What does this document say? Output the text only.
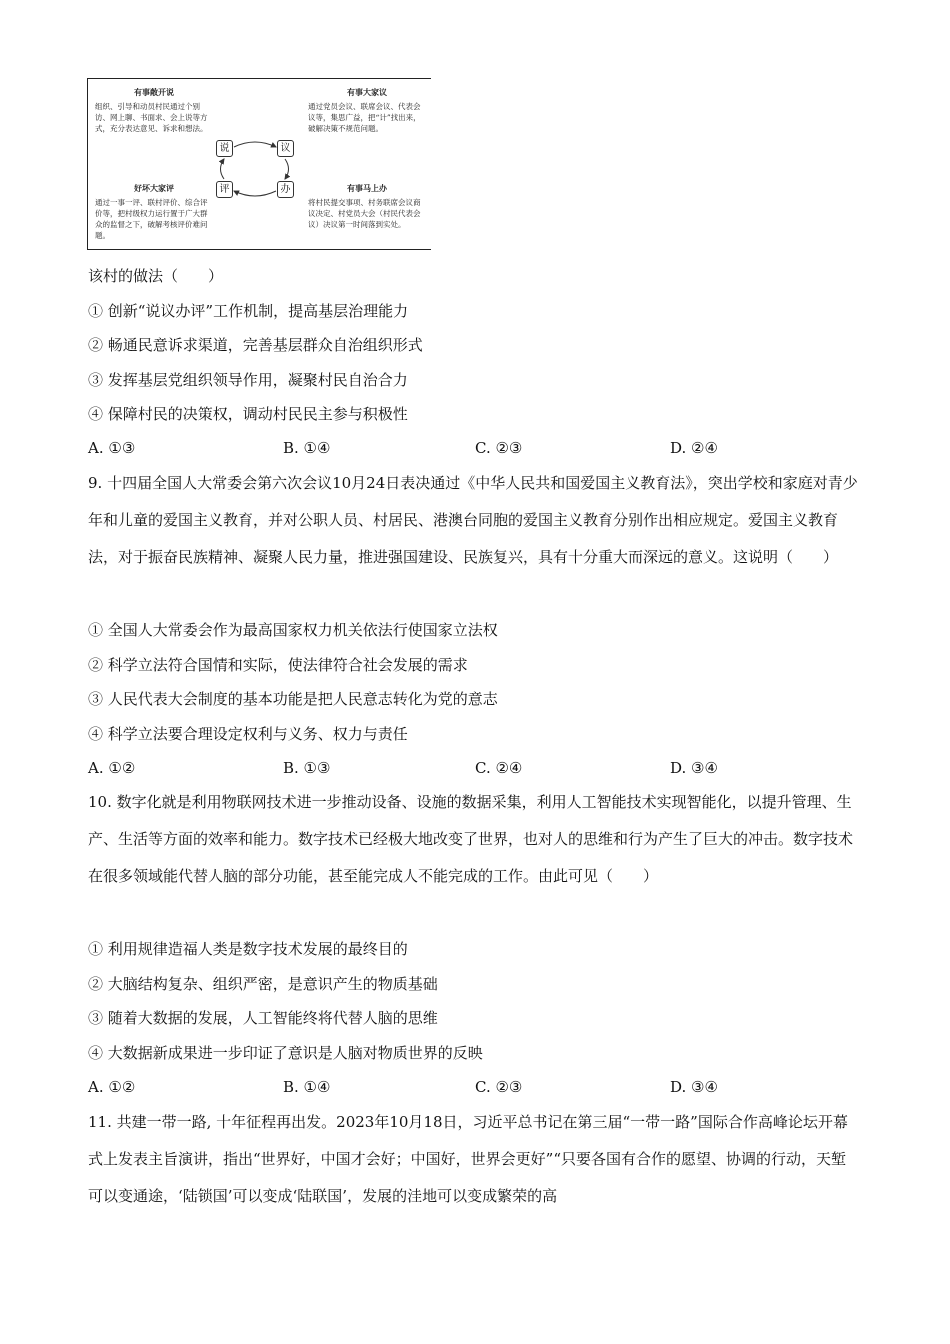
有事敞开说
组织、引导和动员村民通过个别访、网上聊、书面求、会上说等方式，充分表达意见、诉求和想法。
有事大家议
通过党员会议、联席会议、代表会议等，集思广益，把“计”找出来，破解决策不规范问题。
好坏大家评
通过一事一评、联村评价、综合评价等，把村级权力运行置于广大群众的监督之下，破解考核评价难问题。
有事马上办
将村民提交事项、村务联席会议商议决定、村党员大会（村民代表会议）决议第一时间落到实处。
说	议
办
评
该村的做法（　　）
① 创新“说议办评”工作机制，提高基层治理能力
② 畅通民意诉求渠道，完善基层群众自治组织形式
③ 发挥基层党组织领导作用，凝聚村民自治合力
④ 保障村民的决策权，调动村民民主参与积极性
A. ①③	B. ①④	C. ②③	D. ②④
9. 十四届全国人大常委会第六次会议10月24日表决通过《中华人民共和国爱国主义教育法》，突出学校和家庭对青少年和儿童的爱国主义教育，并对公职人员、村居民、港澳台同胞的爱国主义教育分别作出相应规定。爱国主义教育法，对于振奋民族精神、凝聚人民力量，推进强国建设、民族复兴，具有十分重大而深远的意义。这说明（　　）
① 全国人大常委会作为最高国家权力机关依法行使国家立法权
② 科学立法符合国情和实际，使法律符合社会发展的需求
③ 人民代表大会制度的基本功能是把人民意志转化为党的意志
④ 科学立法要合理设定权利与义务、权力与责任
A. ①②	B. ①③	C. ②④	D. ③④
10. 数字化就是利用物联网技术进一步推动设备、设施的数据采集，利用人工智能技术实现智能化，以提升管理、生产、生活等方面的效率和能力。数字技术已经极大地改变了世界，也对人的思维和行为产生了巨大的冲击。数字技术在很多领域能代替人脑的部分功能，甚至能完成人不能完成的工作。由此可见（　　）
① 利用规律造福人类是数字技术发展的最终目的
② 大脑结构复杂、组织严密，是意识产生的物质基础
③ 随着大数据的发展，人工智能终将代替人脑的思维
④ 大数据新成果进一步印证了意识是人脑对物质世界的反映
A. ①②	B. ①④	C. ②③	D. ③④
11. 共建一带一路, 十年征程再出发。2023年10月18日，习近平总书记在第三届“一带一路”国际合作高峰论坛开幕式上发表主旨演讲，指出“世界好，中国才会好；中国好，世界会更好”“只要各国有合作的愿望、协调的行动，天堑可以变通途，‘陆锁国’可以变成‘陆联国’，发展的洼地可以变成繁荣的高
